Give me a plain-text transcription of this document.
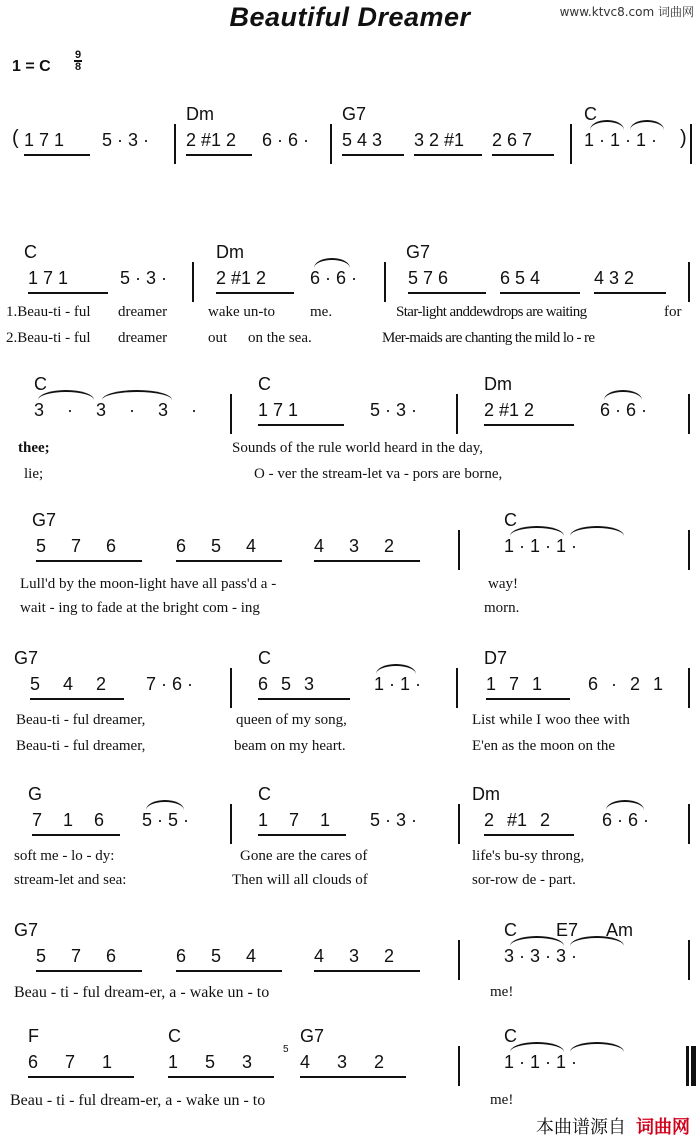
Beautiful Dreamer	www.ktvc8.com 词曲网
1 = C
9
8
Dm	G7	C
( 1 7 1 5 · 3 · 2 #1 2 6 · 6 · 5 4 3 3 2 #1 2 6 7	1 · 1 · 1 · )
C	Dm	G7
1 7 1	5 · 3 ·	2 #1 2 6 · 6 ·	5 7 6	6 5 4	4 3 2
1.Beau-ti - ful dreamer	wake un-to me.	Star-light anddewdrops are waiting	for
2.Beau-ti - ful dreamer	out on the sea.	Mer-maids are chanting the mild lo - re
C	C	Dm
3 · 3 · 3 ·	1 7 1	5 · 3 ·	2 #1 2	6 · 6 ·
thee;	Sounds of the rule world heard in the day,
lie;	O - ver the stream-let va - pors are borne,
G7	C
5 7 6	6 5 4	4 3 2	1 · 1 · 1 ·
Lull'd by the moon-light have all pass'd a -	way!
wait - ing to fade at the bright com - ing	morn.
G7	C	D7
5 4 2 7 · 6 ·	6 5 3	1 · 1 ·	1 7 1	6 · 2 1
Beau-ti - ful dreamer,	queen of my song,	List while I woo thee with
Beau-ti - ful dreamer,	beam on my heart.	E'en as the moon on the
G	C	Dm
7 1 6 5 · 5 ·	1 7 1 5 · 3 ·	2 #1 2	6 · 6 ·
soft me - lo - dy:	Gone are the cares of	life's bu-sy throng,
stream-let and sea:	Then will all clouds of	sor-row de - part.
G7	C E7 Am
5 7 6	6 5 4	4 3 2	3 · 3 · 3 ·
Beau - ti - ful dream-er, a - wake un - to	me!
F	C	G7	C
6 7 1	1 5 3
5
4 3 2	1 · 1 · 1 ·
Beau - ti - ful dream-er, a - wake un - to	me!
本曲谱源自 词曲网
